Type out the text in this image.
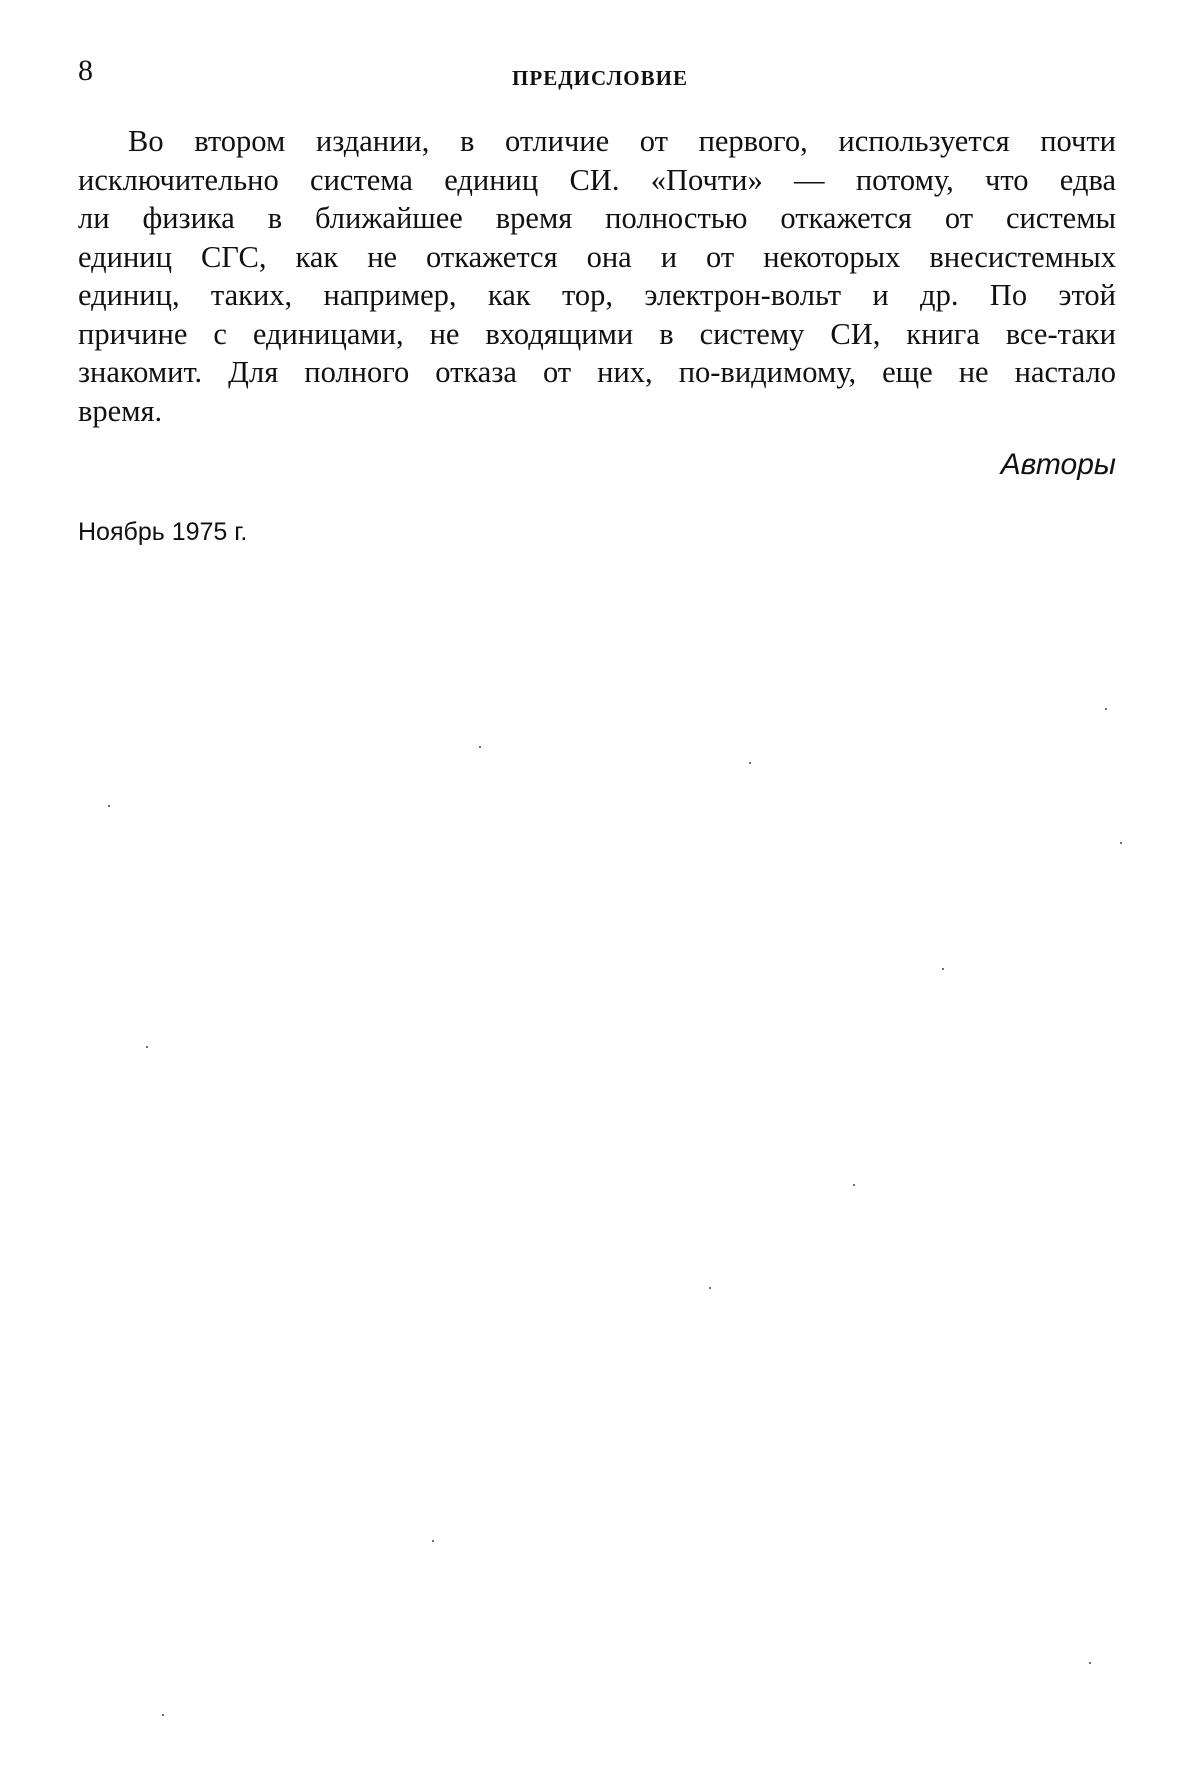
8	ПРЕДИСЛОВИЕ
Во втором издании, в отличие от первого, используется почти
исключительно система единиц СИ. «Почти» — потому, что едва
ли физика в ближайшее время полностью откажется от системы
единиц СГС, как не откажется она и от некоторых внесистемных
единиц, таких, например, как тор, электрон-вольт и др. По этой
причине с единицами, не входящими в систему СИ, книга все-таки
знакомит. Для полного отказа от них, по-видимому, еще не настало
время.
Авторы
Ноябрь 1975 г.
